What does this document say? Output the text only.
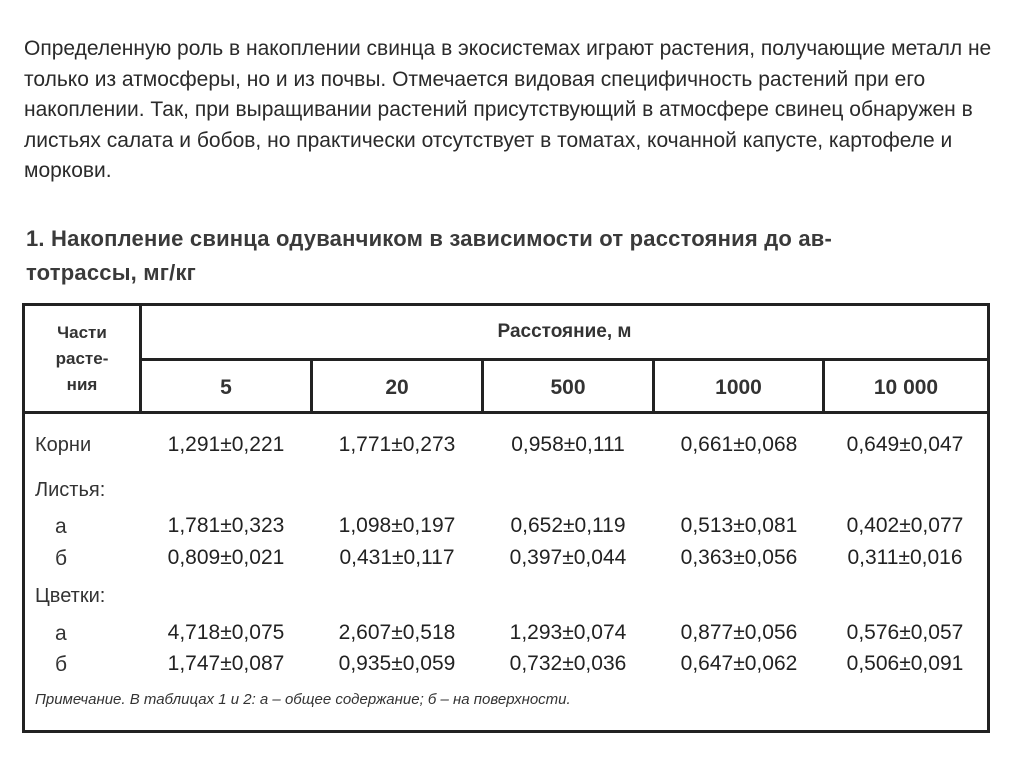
Определенную роль в накоплении свинца в экосистемах играют растения, получающие металл не только из атмосферы, но и из почвы. Отмечается видовая специфичность растений при его накоплении. Так, при выращивании растений присутствующий в атмосфере свинец обнаружен в листьях салата и бобов, но практически отсутствует в томатах, кочанной капусте, картофеле и моркови.

1. Накопление свинца одуванчиком в зависимости от расстояния до ав-
тотрассы, мг/кг
Части
расте-
ния
Расстояние, м
5	20	500	1000	10 000
Корни	1,291±0,221	1,771±0,273	0,958±0,111	0,661±0,068	0,649±0,047
Листья:
а	1,781±0,323	1,098±0,197	0,652±0,119	0,513±0,081	0,402±0,077
б	0,809±0,021	0,431±0,117	0,397±0,044	0,363±0,056	0,311±0,016
Цветки:
а	4,718±0,075	2,607±0,518	1,293±0,074	0,877±0,056	0,576±0,057
б	1,747±0,087	0,935±0,059	0,732±0,036	0,647±0,062	0,506±0,091
Примечание. В таблицах 1 и 2: а – общее содержание; б – на поверхности.
